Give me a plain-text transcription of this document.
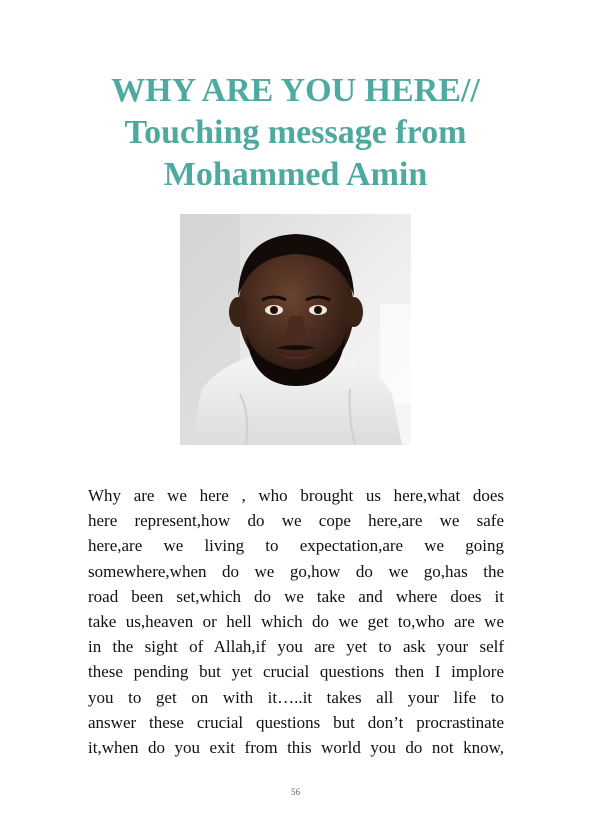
WHY ARE YOU HERE//
Touching message from
Mohammed Amin

Why are we here , who brought us here,what does
here represent,how do we cope here,are we safe
here,are we living to expectation,are we going
somewhere,when do we go,how do we go,has the
road been set,which do we take and where does it
take us,heaven or hell which do we get to,who are we
in the sight of Allah,if you are yet to ask your self
these pending but yet crucial questions then I implore
you to get on with it…..it takes all your life to
answer these crucial questions but don’t procrastinate
it,when do you exit from this world you do not know,

56
